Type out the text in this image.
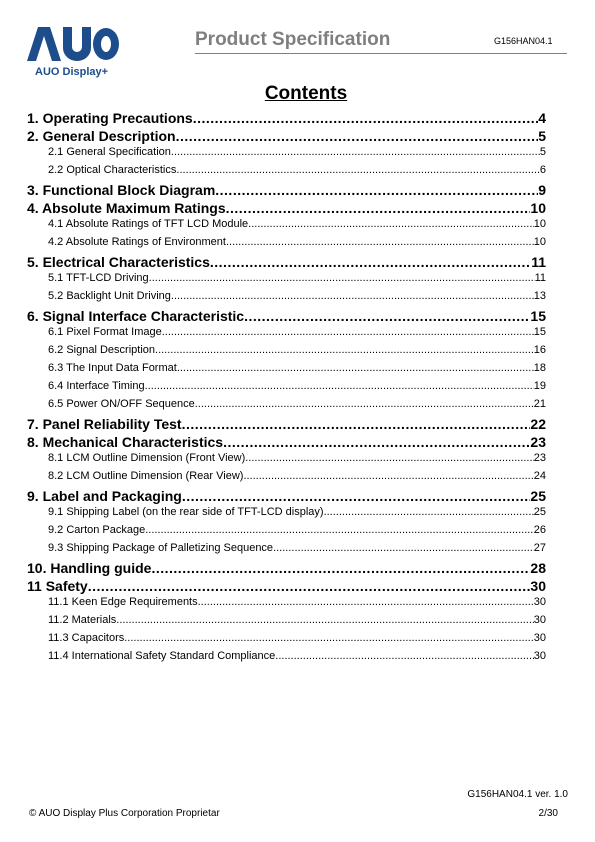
AUO Display+
Product Specification	G156HAN04.1
Contents
1. Operating Precautions .....	4
2. General Description .....	5
2.1 General Specification .....	5
2.2 Optical Characteristics .....	6
3. Functional Block Diagram .....	9
4. Absolute Maximum Ratings .....	10
4.1 Absolute Ratings of TFT LCD Module .....	10
4.2 Absolute Ratings of Environment .....	10
5. Electrical Characteristics .....	11
5.1 TFT-LCD Driving .....	11
5.2 Backlight Unit Driving .....	13
6. Signal Interface Characteristic .....	15
6.1 Pixel Format Image .....	15
6.2 Signal Description .....	16
6.3 The Input Data Format .....	18
6.4 Interface Timing .....	19
6.5 Power ON/OFF Sequence .....	21
7. Panel Reliability Test .....	22
8. Mechanical Characteristics .....	23
8.1 LCM Outline Dimension (Front View) .....	23
8.2 LCM Outline Dimension (Rear View) .....	24
9. Label and Packaging .....	25
9.1 Shipping Label (on the rear side of TFT-LCD display) .....	25
9.2 Carton Package .....	26
9.3 Shipping Package of Palletizing Sequence .....	27
10. Handling guide .....	28
11 Safety .....	30
11.1 Keen Edge Requirements .....	30
11.2 Materials .....	30
11.3 Capacitors .....	30
11.4 International Safety Standard Compliance .....	30
G156HAN04.1 ver. 1.0
© AUO Display Plus Corporation Proprietar	2/30
